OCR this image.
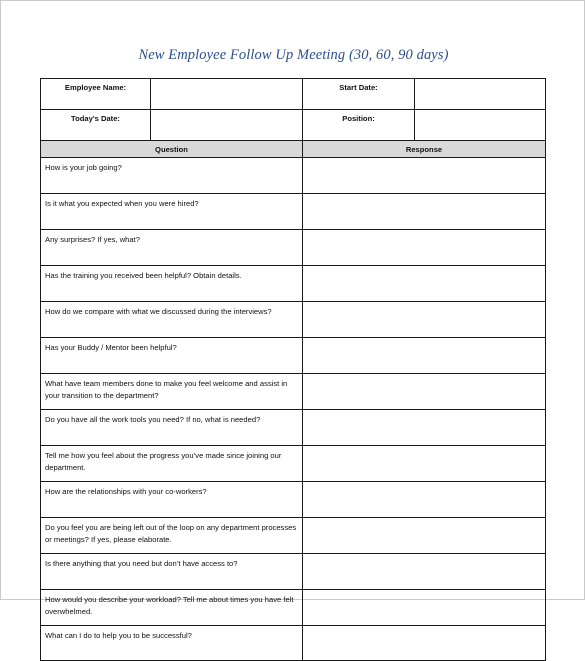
New Employee Follow Up Meeting (30, 60, 90 days)
Employee Name:		Start Date:	
Today's Date:		Position:	
Question		Response	
How is your job going?			
Is it what you expected when you were hired?			
Any surprises? If yes, what?			
Has the training you received been helpful? Obtain details.			
How do we compare with what we discussed during the interviews?			
Has your Buddy / Mentor been helpful?			
What have team members done to make you feel welcome and assist in your transition to the department?			
Do you have all the work tools you need? If no, what is needed?			
Tell me how you feel about the progress you’ve made since joining our department.			
How are the relationships with your co-workers?			
Do you feel you are being left out of the loop on any department processes or meetings? If yes, please elaborate.			
Is there anything that you need but don’t have access to?			
How would you describe your workload? Tell me about times you have felt overwhelmed.			
What can I do to help you to be successful?			
